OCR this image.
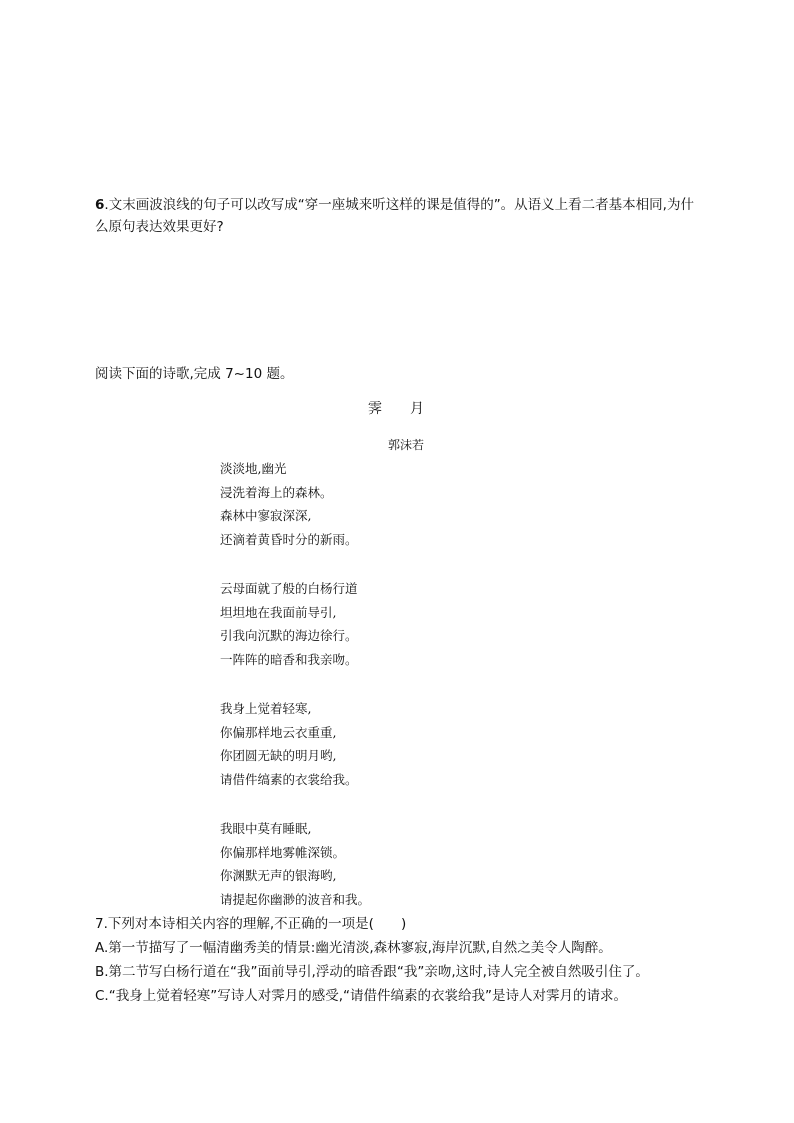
6.文末画波浪线的句子可以改写成“穿一座城来听这样的课是值得的”。从语义上看二者基本相同,为什么原句表达效果更好?
阅读下面的诗歌,完成 7~10 题。
霁 月
郭沫若
淡淡地,幽光
浸洗着海上的森林。
森林中寥寂深深,
还滴着黄昏时分的新雨。
云母面就了般的白杨行道
坦坦地在我面前导引,
引我向沉默的海边徐行。
一阵阵的暗香和我亲吻。
我身上觉着轻寒,
你偏那样地云衣重重,
你团圆无缺的明月哟,
请借件缟素的衣裳给我。
我眼中莫有睡眠,
你偏那样地雾帷深锁。
你渊默无声的银海哟,
请提起你幽渺的波音和我。
7.下列对本诗相关内容的理解,不正确的一项是(　　)
A.第一节描写了一幅清幽秀美的情景:幽光清淡,森林寥寂,海岸沉默,自然之美令人陶醉。
B.第二节写白杨行道在“我”面前导引,浮动的暗香跟“我”亲吻,这时,诗人完全被自然吸引住了。
C.“我身上觉着轻寒”写诗人对霁月的感受,“请借件缟素的衣裳给我”是诗人对霁月的请求。
